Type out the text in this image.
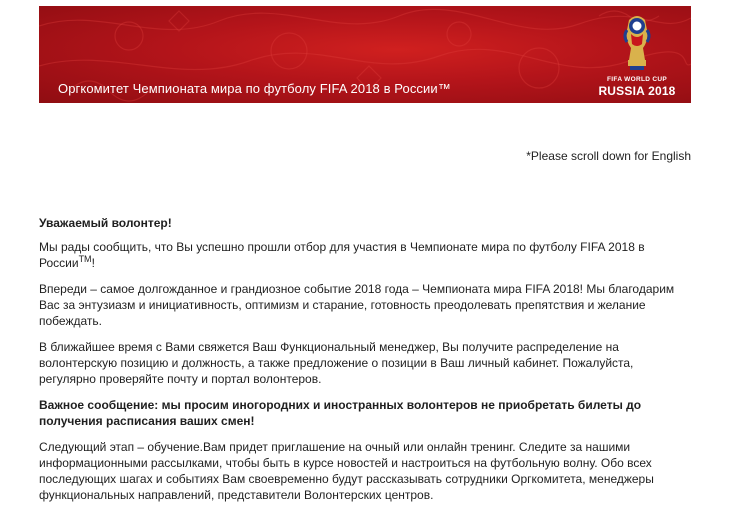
Оргкомитет Чемпионата мира по футболу FIFA 2018 в России™
FIFA WORLD CUP
RUSSIA 2018
*Please scroll down for English

Уважаемый волонтер!

Мы рады сообщить, что Вы успешно прошли отбор для участия в Чемпионате мира по футболу FIFA 2018 в России™!

Впереди – самое долгожданное и грандиозное событие 2018 года – Чемпионата мира FIFA 2018! Мы благодарим Вас за энтузиазм и инициативность, оптимизм и старание, готовность преодолевать препятствия и желание побеждать.

В ближайшее время с Вами свяжется Ваш Функциональный менеджер, Вы получите распределение на волонтерскую позицию и должность, а также предложение о позиции в Ваш личный кабинет. Пожалуйста, регулярно проверяйте почту и портал волонтеров.

Важное сообщение: мы просим иногородних и иностранных волонтеров не приобретать билеты до получения расписания ваших смен!

Следующий этап – обучение.Вам придет приглашение на очный или онлайн тренинг. Следите за нашими информационными рассылками, чтобы быть в курсе новостей и настроиться на футбольную волну. Обо всех последующих шагах и событиях Вам своевременно будут рассказывать сотрудники Оргкомитета, менеджеры функциональных направлений, представители Волонтерских центров.
